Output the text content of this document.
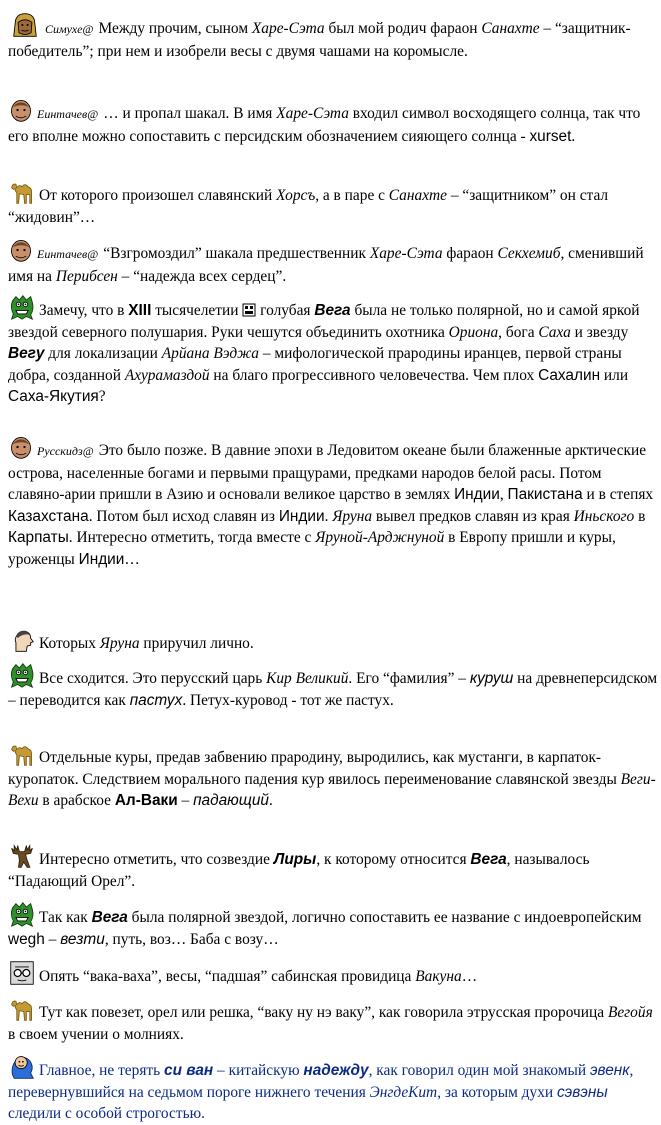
Симухе@ Между прочим, сыном Харе-Сэта был мой родич фараон Санахте – “защитник-победитель”; при нем и изобрели весы с двумя чашами на коромысле.
Еинтачев@ … и пропал шакал. В имя Харе-Сэта входил символ восходящего солнца, так что его вполне можно сопоставить с персидским обозначением сияющего солнца - xurset.
От которого произошел славянский Хорсъ, а в паре с Санахте – “защитником” он стал “жидовин”…
Еинтачев@ “Взгромоздил” шакала предшественник Харе-Сэта фараон Секхемиб, сменивший имя на Перибсен – “надежда всех сердец”.
Замечу, что в XIII тысячелетии  голубая Вега была не только полярной, но и самой яркой звездой северного полушария. Руки чешутся объединить охотника Ориона, бога Саха и звезду Вегу для локализации Арйана Вэджа – мифологической прародины иранцев, первой страны добра, созданной Ахурамаздой на благо прогрессивного человечества. Чем плох Сахалин или Саха-Якутия?
Русскидз@ Это было позже. В давние эпохи в Ледовитом океане были блаженные арктические острова, населенные богами и первыми пращурами, предками народов белой расы. Потом славяно-арии пришли в Азию и основали великое царство в землях Индии, Пакистана и в степях Казахстана. Потом был исход славян из Индии. Яруна вывел предков славян из края Иньского в Карпаты. Интересно отметить, тогда вместе с Яруной-Арджнуной в Европу пришли и куры, уроженцы Индии…
Которых Яруна приручил лично.
Все сходится. Это перусский царь Кир Великий. Его “фамилия” – куруш на древнеперсидском – переводится как пастух. Петух-куровод - тот же пастух.
Отдельные куры, предав забвению прародину, выродились, как мустанги, в карпаток-куропаток. Следствием морального падения кур явилось переименование славянской звезды Веги-Вехи в арабское Ал-Ваки – падающий.
Интересно отметить, что созвездие Лиры, к которому относится Вега, называлось “Падающий Орел”.
Так как Вега была полярной звездой, логично сопоставить ее название с индоевропейским wegh – везти, путь, воз… Баба с возу…
Опять “вака-ваха”, весы, “падшая” сабинская провидица Вакуна…
Тут как повезет, орел или решка, “ваку ну нэ ваку”, как говорила этрусская пророчица Вегойя в своем учении о молниях.
Главное, не терять си ван – китайскую надежду, как говорил один мой знакомый эвенк, перевернувшийся на седьмом пороге нижнего течения ЭнгдеКит, за которым духи сэвэны следили с особой строгостью.
